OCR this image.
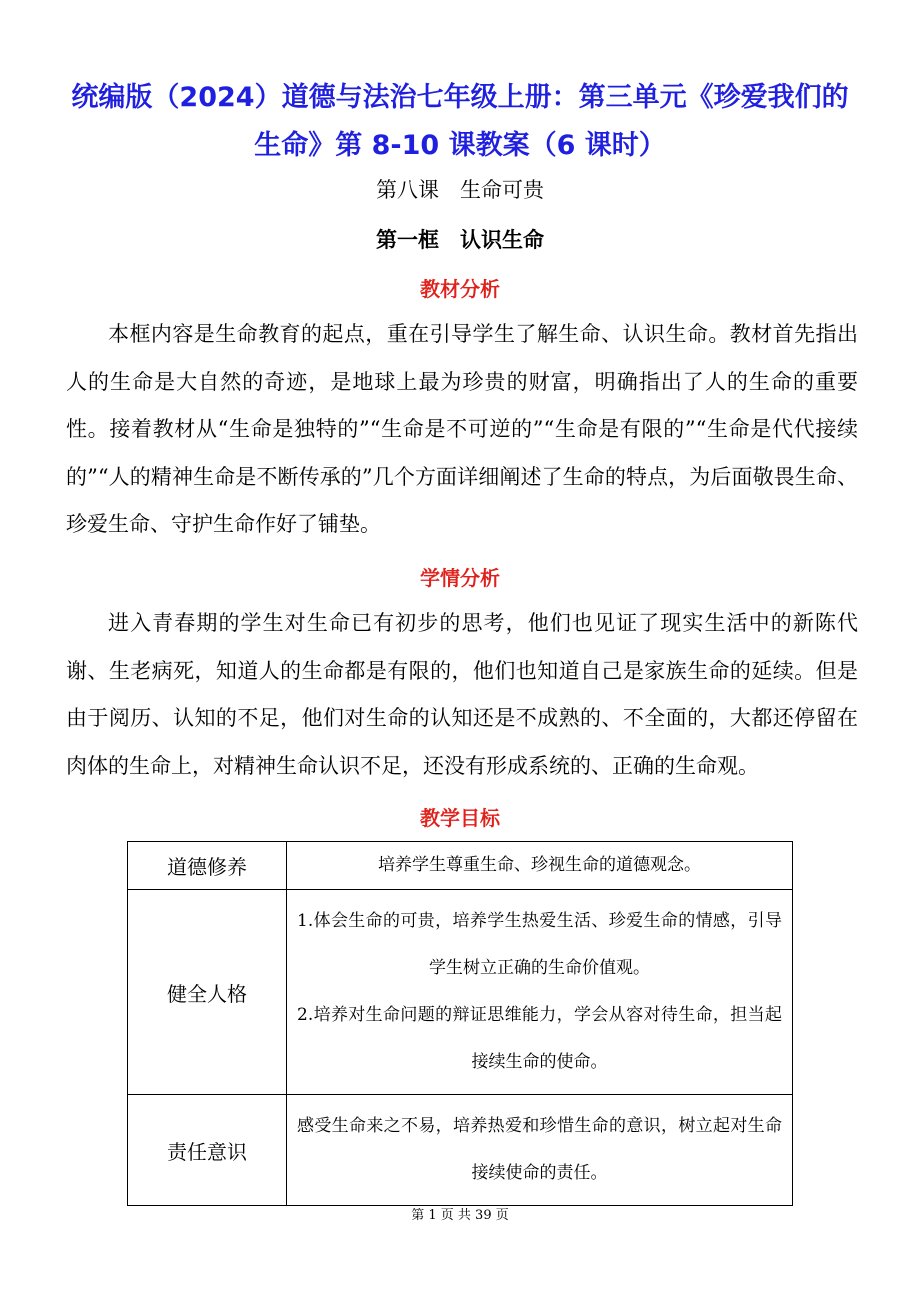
统编版（2024）道德与法治七年级上册：第三单元《珍爱我们的生命》第 8-10 课教案（6 课时）
第八课　生命可贵
第一框　认识生命
教材分析

本框内容是生命教育的起点，重在引导学生了解生命、认识生命。教材首先指出人的生命是大自然的奇迹，是地球上最为珍贵的财富，明确指出了人的生命的重要性。接着教材从“生命是独特的”“生命是不可逆的”“生命是有限的”“生命是代代接续的”“人的精神生命是不断传承的”几个方面详细阐述了生命的特点，为后面敬畏生命、珍爱生命、守护生命作好了铺垫。

学情分析

进入青春期的学生对生命已有初步的思考，他们也见证了现实生活中的新陈代谢、生老病死，知道人的生命都是有限的，他们也知道自己是家族生命的延续。但是由于阅历、认知的不足，他们对生命的认知还是不成熟的、不全面的，大都还停留在肉体的生命上，对精神生命认识不足，还没有形成系统的、正确的生命观。

教学目标
道德修养	培养学生尊重生命、珍视生命的道德观念。
健全人格	1.体会生命的可贵，培养学生热爱生活、珍爱生命的情感，引导学生树立正确的生命价值观。
2.培养对生命问题的辩证思维能力，学会从容对待生命，担当起接续生命的使命。

责任意识	感受生命来之不易，培养热爱和珍惜生命的意识，树立起对生命接续使命的责任。
第 1 页 共 39 页
